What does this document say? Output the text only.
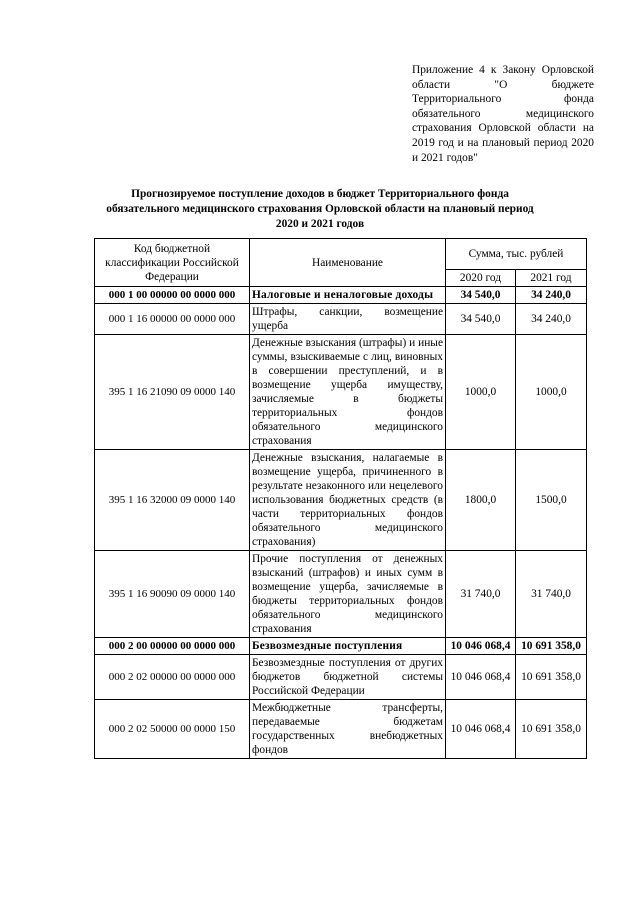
Приложение 4 к Закону Орловской области "О бюджете Территориального фонда обязательного медицинского страхования Орловской области на 2019 год и на плановый период 2020 и 2021 годов"
Прогнозируемое поступление доходов в бюджет Территориального фонда обязательного медицинского страхования Орловской области на плановый период 2020 и 2021 годов
Код бюджетной классификации Российской Федерации	Наименование	Сумма, тыс. рублей	
		2020 год	2021 год
000 1 00 00000 00 0000 000	Налоговые и неналоговые доходы	34 540,0	34 240,0
000 1 16 00000 00 0000 000	Штрафы, санкции, возмещение ущерба	34 540,0	34 240,0
395 1 16 21090 09 0000 140	Денежные взыскания (штрафы) и иные суммы, взыскиваемые с лиц, виновных в совершении преступлений, и в возмещение ущерба имуществу, зачисляемые в бюджеты территориальных фондов обязательного медицинского страхования	1000,0	1000,0
395 1 16 32000 09 0000 140	Денежные взыскания, налагаемые в возмещение ущерба, причиненного в результате незаконного или нецелевого использования бюджетных средств (в части территориальных фондов обязательного медицинского страхования)	1800,0	1500,0
395 1 16 90090 09 0000 140	Прочие поступления от денежных взысканий (штрафов) и иных сумм в возмещение ущерба, зачисляемые в бюджеты территориальных фондов обязательного медицинского страхования	31 740,0	31 740,0
000 2 00 00000 00 0000 000	Безвозмездные поступления	10 046 068,4	10 691 358,0
000 2 02 00000 00 0000 000	Безвозмездные поступления от других бюджетов бюджетной системы Российской Федерации	10 046 068,4	10 691 358,0
000 2 02 50000 00 0000 150	Межбюджетные трансферты, передаваемые бюджетам государственных внебюджетных фондов	10 046 068,4	10 691 358,0
